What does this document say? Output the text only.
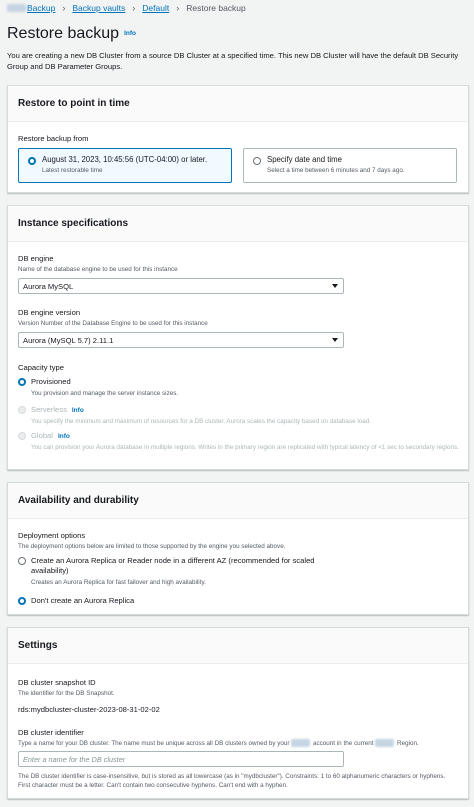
Backup › Backup vaults › Default › Restore backup
Restore backup Info

You are creating a new DB Cluster from a source DB Cluster at a specified time. This new DB Cluster will have the default DB Security Group and DB Parameter Groups.

Restore to point in time
Restore backup from
August 31, 2023, 10:45:56 (UTC-04:00) or later.
Latest restorable time
Specify date and time
Select a time between 6 minutes and 7 days ago.
Instance specifications
DB engine
Name of the database engine to be used for this instance
Aurora MySQL
DB engine version
Version Number of the Database Engine to be used for this instance
Aurora (MySQL 5.7) 2.11.1
Capacity type
Provisioned
You provision and manage the server instance sizes.
Serverless Info
You specify the minimum and maximum of resources for a DB cluster. Aurora scales the capacity based on database load.
Global Info
You can provision your Aurora database in multiple regions. Writes in the primary region are replicated with typical latency of <1 sec to secondary regions.
Availability and durability
Deployment options
The deployment options below are limited to those supported by the engine you selected above.
Create an Aurora Replica or Reader node in a different AZ (recommended for scaled
availability)
Creates an Aurora Replica for fast failover and high availability.
Don't create an Aurora Replica
Settings
DB cluster snapshot ID
The identifier for the DB Snapshot.
rds:mydbcluster-cluster-2023-08-31-02-02
DB cluster identifier
Type a name for your DB cluster. The name must be unique across all DB clusters owned by your	account in the current	Region.
Enter a name for the DB cluster
The DB cluster identifier is case-insensitive, but is stored as all lowercase (as in "mydbcluster"). Constraints: 1 to 60 alphanumeric characters or hyphens. First character must be a letter. Can't contain two consecutive hyphens. Can't end with a hyphen.
